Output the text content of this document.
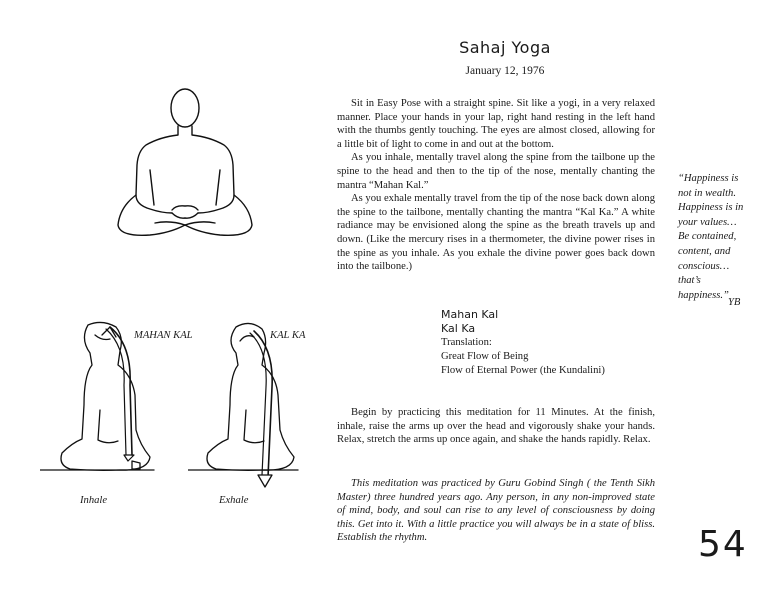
Sahaj Yoga
January 12, 1976

Sit in Easy Pose with a straight spine. Sit like a yogi, in a very relaxed manner. Place your hands in your lap, right hand resting in the left hand with the thumbs gently touching. The eyes are almost closed, allowing for a little bit of light to come in and out at the bottom.

As you inhale, mentally travel along the spine from the tailbone up the spine to the head and then to the tip of the nose, mentally chanting the mantra “Mahan Kal.”

As you exhale mentally travel from the tip of the nose back down along the spine to the tailbone, mentally chanting the mantra “Kal Ka.” A white radiance may be envisioned along the spine as the breath travels up and down. (Like the mercury rises in a thermometer, the divine power rises in the spine as you inhale. As you exhale the divine power goes back down into the tailbone.)

Mahan Kal
Kal Ka
Translation:
Great Flow of Being
Flow of Eternal Power (the Kundalini)

Begin by practicing this meditation for 11 Minutes. At the finish, inhale, raise the arms up over the head and vigorously shake your hands. Relax, stretch the arms up once again, and shake the hands rapidly. Relax.

This meditation was practiced by Guru Gobind Singh ( the Tenth Sikh Master) three hundred years ago. Any person, in any non-improved state of mind, body, and soul can rise to any level of consciousness by doing this. Get into it. With a little practice you will always be in a state of bliss. Establish the rhythm.

“Happiness is
not in wealth.
Happiness is in
your values…
Be contained,
content, and
conscious…
that’s
happiness.”
YB
54
MAHAN KAL
Inhale
KAL KA
Exhale
